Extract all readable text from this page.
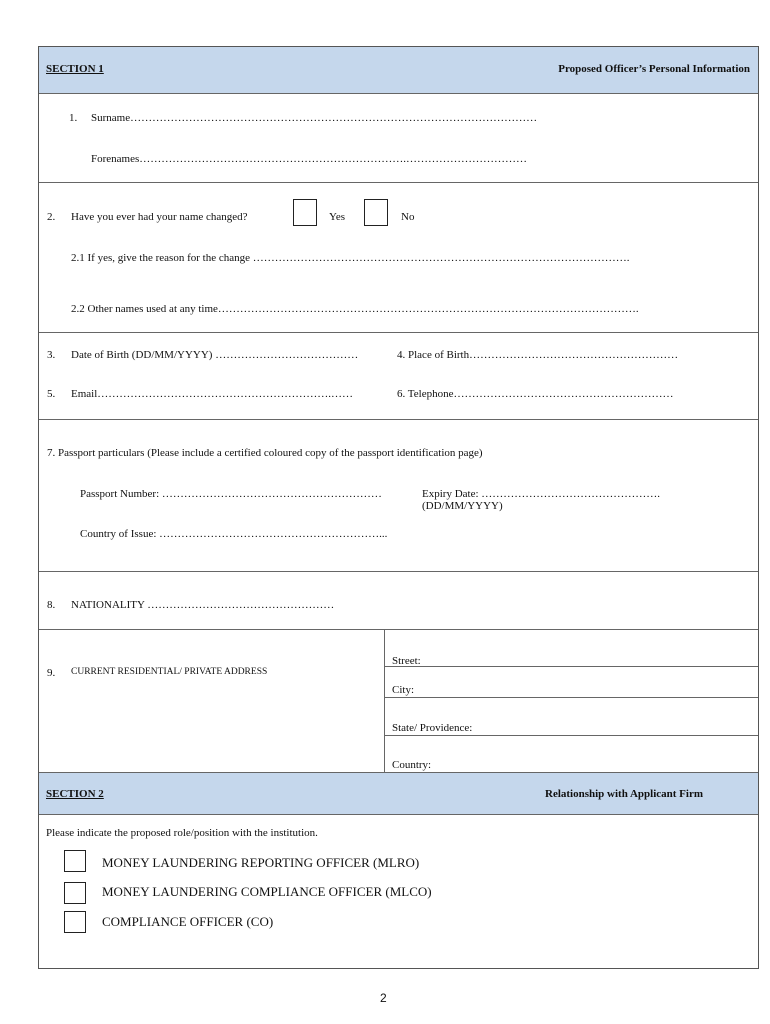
SECTION 1	Proposed Officer’s Personal Information
1. Surname…………………………………………………………………………………………………
Forenames……………………………………………………………….……………………………
2. Have you ever had your name changed?	Yes	No
2.1 If yes, give the reason for the change ………………………………………………………………………………………….
2.2 Other names used at any time…………………………………………………………………………………………………….
3. Date of Birth (DD/MM/YYYY) …………………………………	4. Place of Birth…………………………………………………
5. Email……………………………………………………….……	6. Telephone……………………………………………………
7. Passport particulars (Please include a certified coloured copy of the passport identification page)
Passport Number: ……………………………………………………	Expiry Date: ………………………………………….
(DD/MM/YYYY)
Country of Issue: ……………………………………………………...
8. NATIONALITY ……………………………………………
9. CURRENT RESIDENTIAL/ PRIVATE ADDRESS
Street:
City:
State/ Providence:
Country:
SECTION 2	Relationship with Applicant Firm
Please indicate the proposed role/position with the institution.
MONEY LAUNDERING REPORTING OFFICER (MLRO)
MONEY LAUNDERING COMPLIANCE OFFICER (MLCO)
COMPLIANCE OFFICER (CO)
2
